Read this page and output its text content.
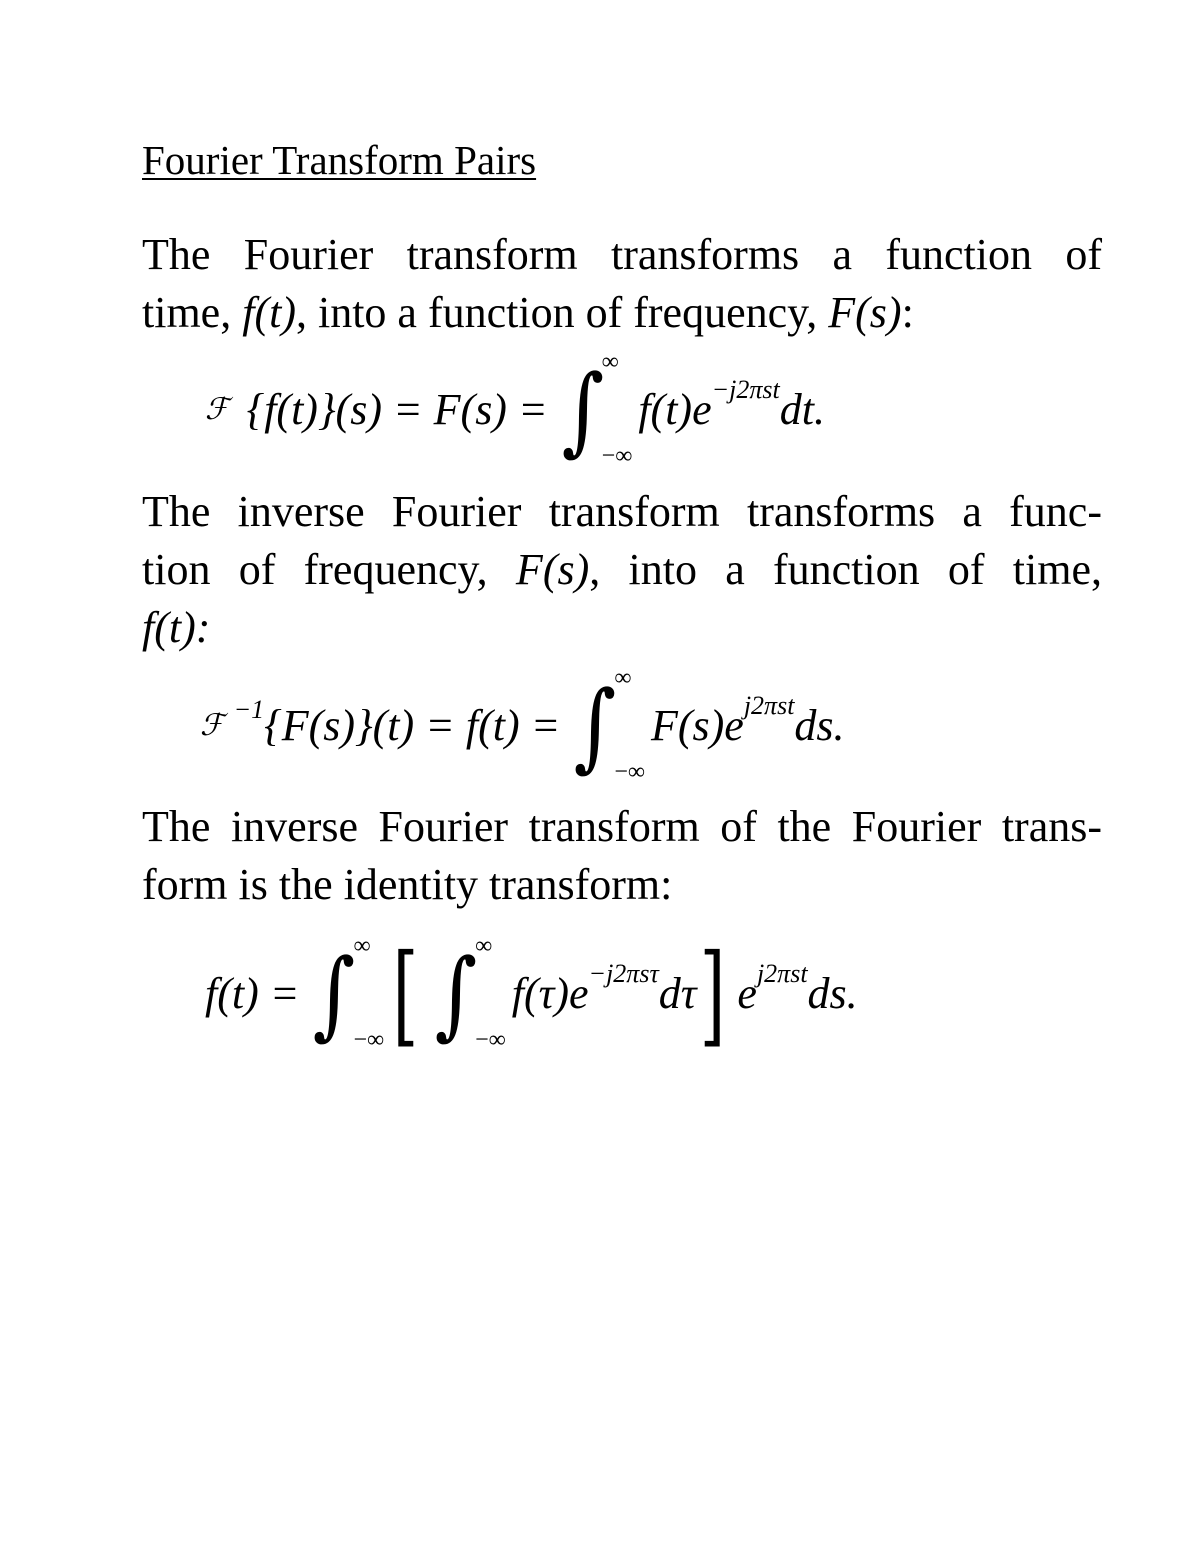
Fourier Transform Pairs
The Fourier transform transforms a function of
time, f(t), into a function of frequency, F(s):
ℱ {f(t)}(s) = F(s) = ∫
∞
−∞
f(t)e −j2πst dt.
The inverse Fourier transform transforms a func-
tion of frequency, F(s), into a function of time,
f(t):
ℱ −1 {F(s)}(t) = f(t) = ∫
∞
−∞
F(s)e j2πst ds.
The inverse Fourier transform of the Fourier trans-
form is the identity transform:
f(t) = ∫
∞
−∞ [ ∫
∞
−∞
f(τ)e −j2πsτ dτ ] e j2πst ds.
